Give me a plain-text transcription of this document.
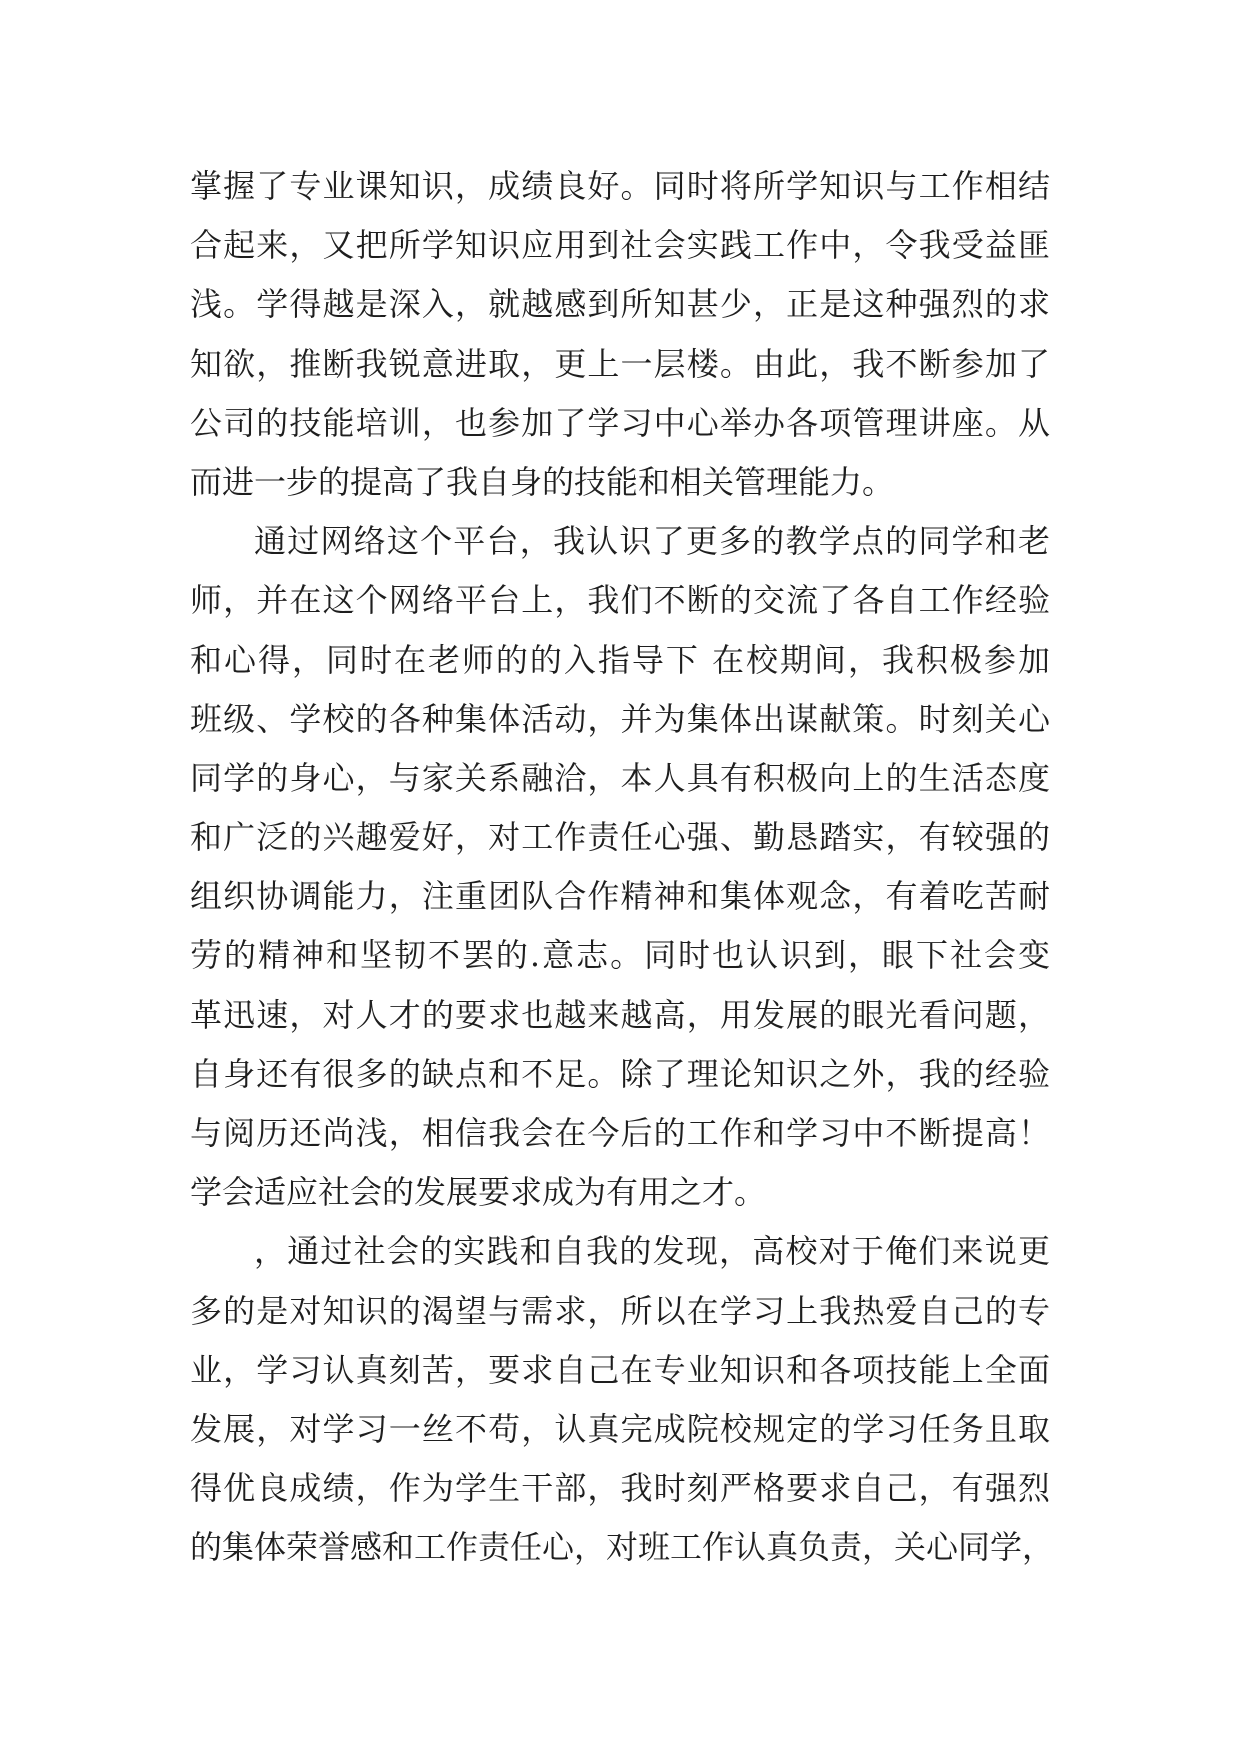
掌握了专业课知识，成绩良好。同时将所学知识与工作相结
合起来，又把所学知识应用到社会实践工作中，令我受益匪
浅。学得越是深入，就越感到所知甚少，正是这种强烈的求
知欲，推断我锐意进取，更上一层楼。由此，我不断参加了
公司的技能培训，也参加了学习中心举办各项管理讲座。从
而进一步的提高了我自身的技能和相关管理能力。
通过网络这个平台，我认识了更多的教学点的同学和老
师，并在这个网络平台上，我们不断的交流了各自工作经验
和心得，同时在老师的的入指导下 在校期间，我积极参加
班级、学校的各种集体活动，并为集体出谋献策。时刻关心
同学的身心，与家关系融洽，本人具有积极向上的生活态度
和广泛的兴趣爱好，对工作责任心强、勤恳踏实，有较强的
组织协调能力，注重团队合作精神和集体观念，有着吃苦耐
劳的精神和坚韧不罢的.意志。同时也认识到，眼下社会变
革迅速，对人才的要求也越来越高，用发展的眼光看问题，
自身还有很多的缺点和不足。除了理论知识之外，我的经验
与阅历还尚浅，相信我会在今后的工作和学习中不断提高！
学会适应社会的发展要求成为有用之才。
，通过社会的实践和自我的发现，高校对于俺们来说更
多的是对知识的渴望与需求，所以在学习上我热爱自己的专
业，学习认真刻苦，要求自己在专业知识和各项技能上全面
发展，对学习一丝不苟，认真完成院校规定的学习任务且取
得优良成绩，作为学生干部，我时刻严格要求自己，有强烈
的集体荣誉感和工作责任心，对班工作认真负责，关心同学，
